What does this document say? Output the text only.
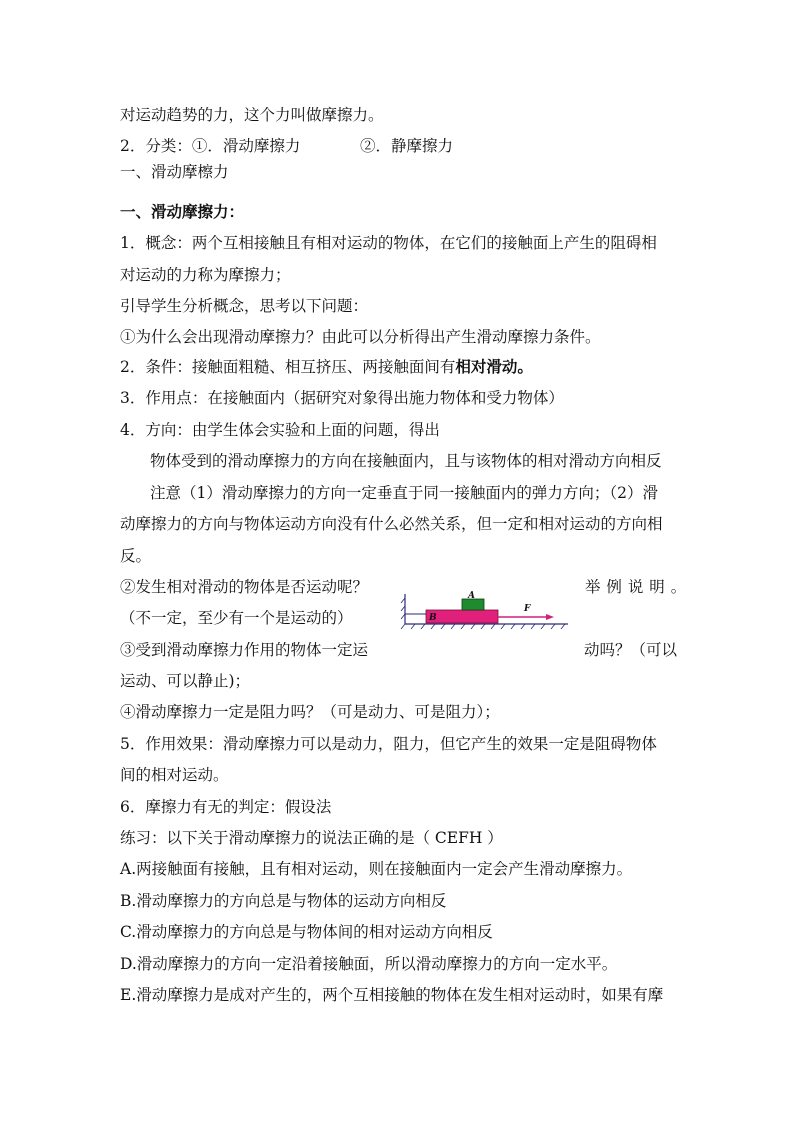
对运动趋势的力，这个力叫做摩擦力。
2．分类：①．滑动摩擦力	②．静摩擦力
一、滑动摩檫力
一、滑动摩擦力：
1．概念：两个互相接触且有相对运动的物体，在它们的接触面上产生的阻碍相
对运动的力称为摩擦力；
引导学生分析概念，思考以下问题：
①为什么会出现滑动摩擦力？由此可以分析得出产生滑动摩擦力条件。
2．条件：接触面粗糙、相互挤压、两接触面间有相对滑动。
3．作用点：在接触面内（据研究对象得出施力物体和受力物体）
4．方向：由学生体会实验和上面的问题，得出
物体受到的滑动摩擦力的方向在接触面内，且与该物体的相对滑动方向相反
注意（1）滑动摩擦力的方向一定垂直于同一接触面内的弹力方向；（2）滑
动摩擦力的方向与物体运动方向没有什么必然关系，但一定和相对运动的方向相
反。
②发生相对滑动的物体是否运动呢？	举 例 说 明 。
（不一定，至少有一个是运动的）
A
B
F
③受到滑动摩擦力作用的物体一定运	动吗？（可以
运动、可以静止)；
④滑动摩擦力一定是阻力吗？（可是动力、可是阻力）；
5．作用效果：滑动摩擦力可以是动力，阻力，但它产生的效果一定是阻碍物体
间的相对运动。
6．摩擦力有无的判定：假设法
练习：以下关于滑动摩擦力的说法正确的是（ CEFH ）
A.两接触面有接触，且有相对运动，则在接触面内一定会产生滑动摩擦力。
B.滑动摩擦力的方向总是与物体的运动方向相反
C.滑动摩擦力的方向总是与物体间的相对运动方向相反
D.滑动摩擦力的方向一定沿着接触面，所以滑动摩擦力的方向一定水平。
E.滑动摩擦力是成对产生的，两个互相接触的物体在发生相对运动时，如果有摩
